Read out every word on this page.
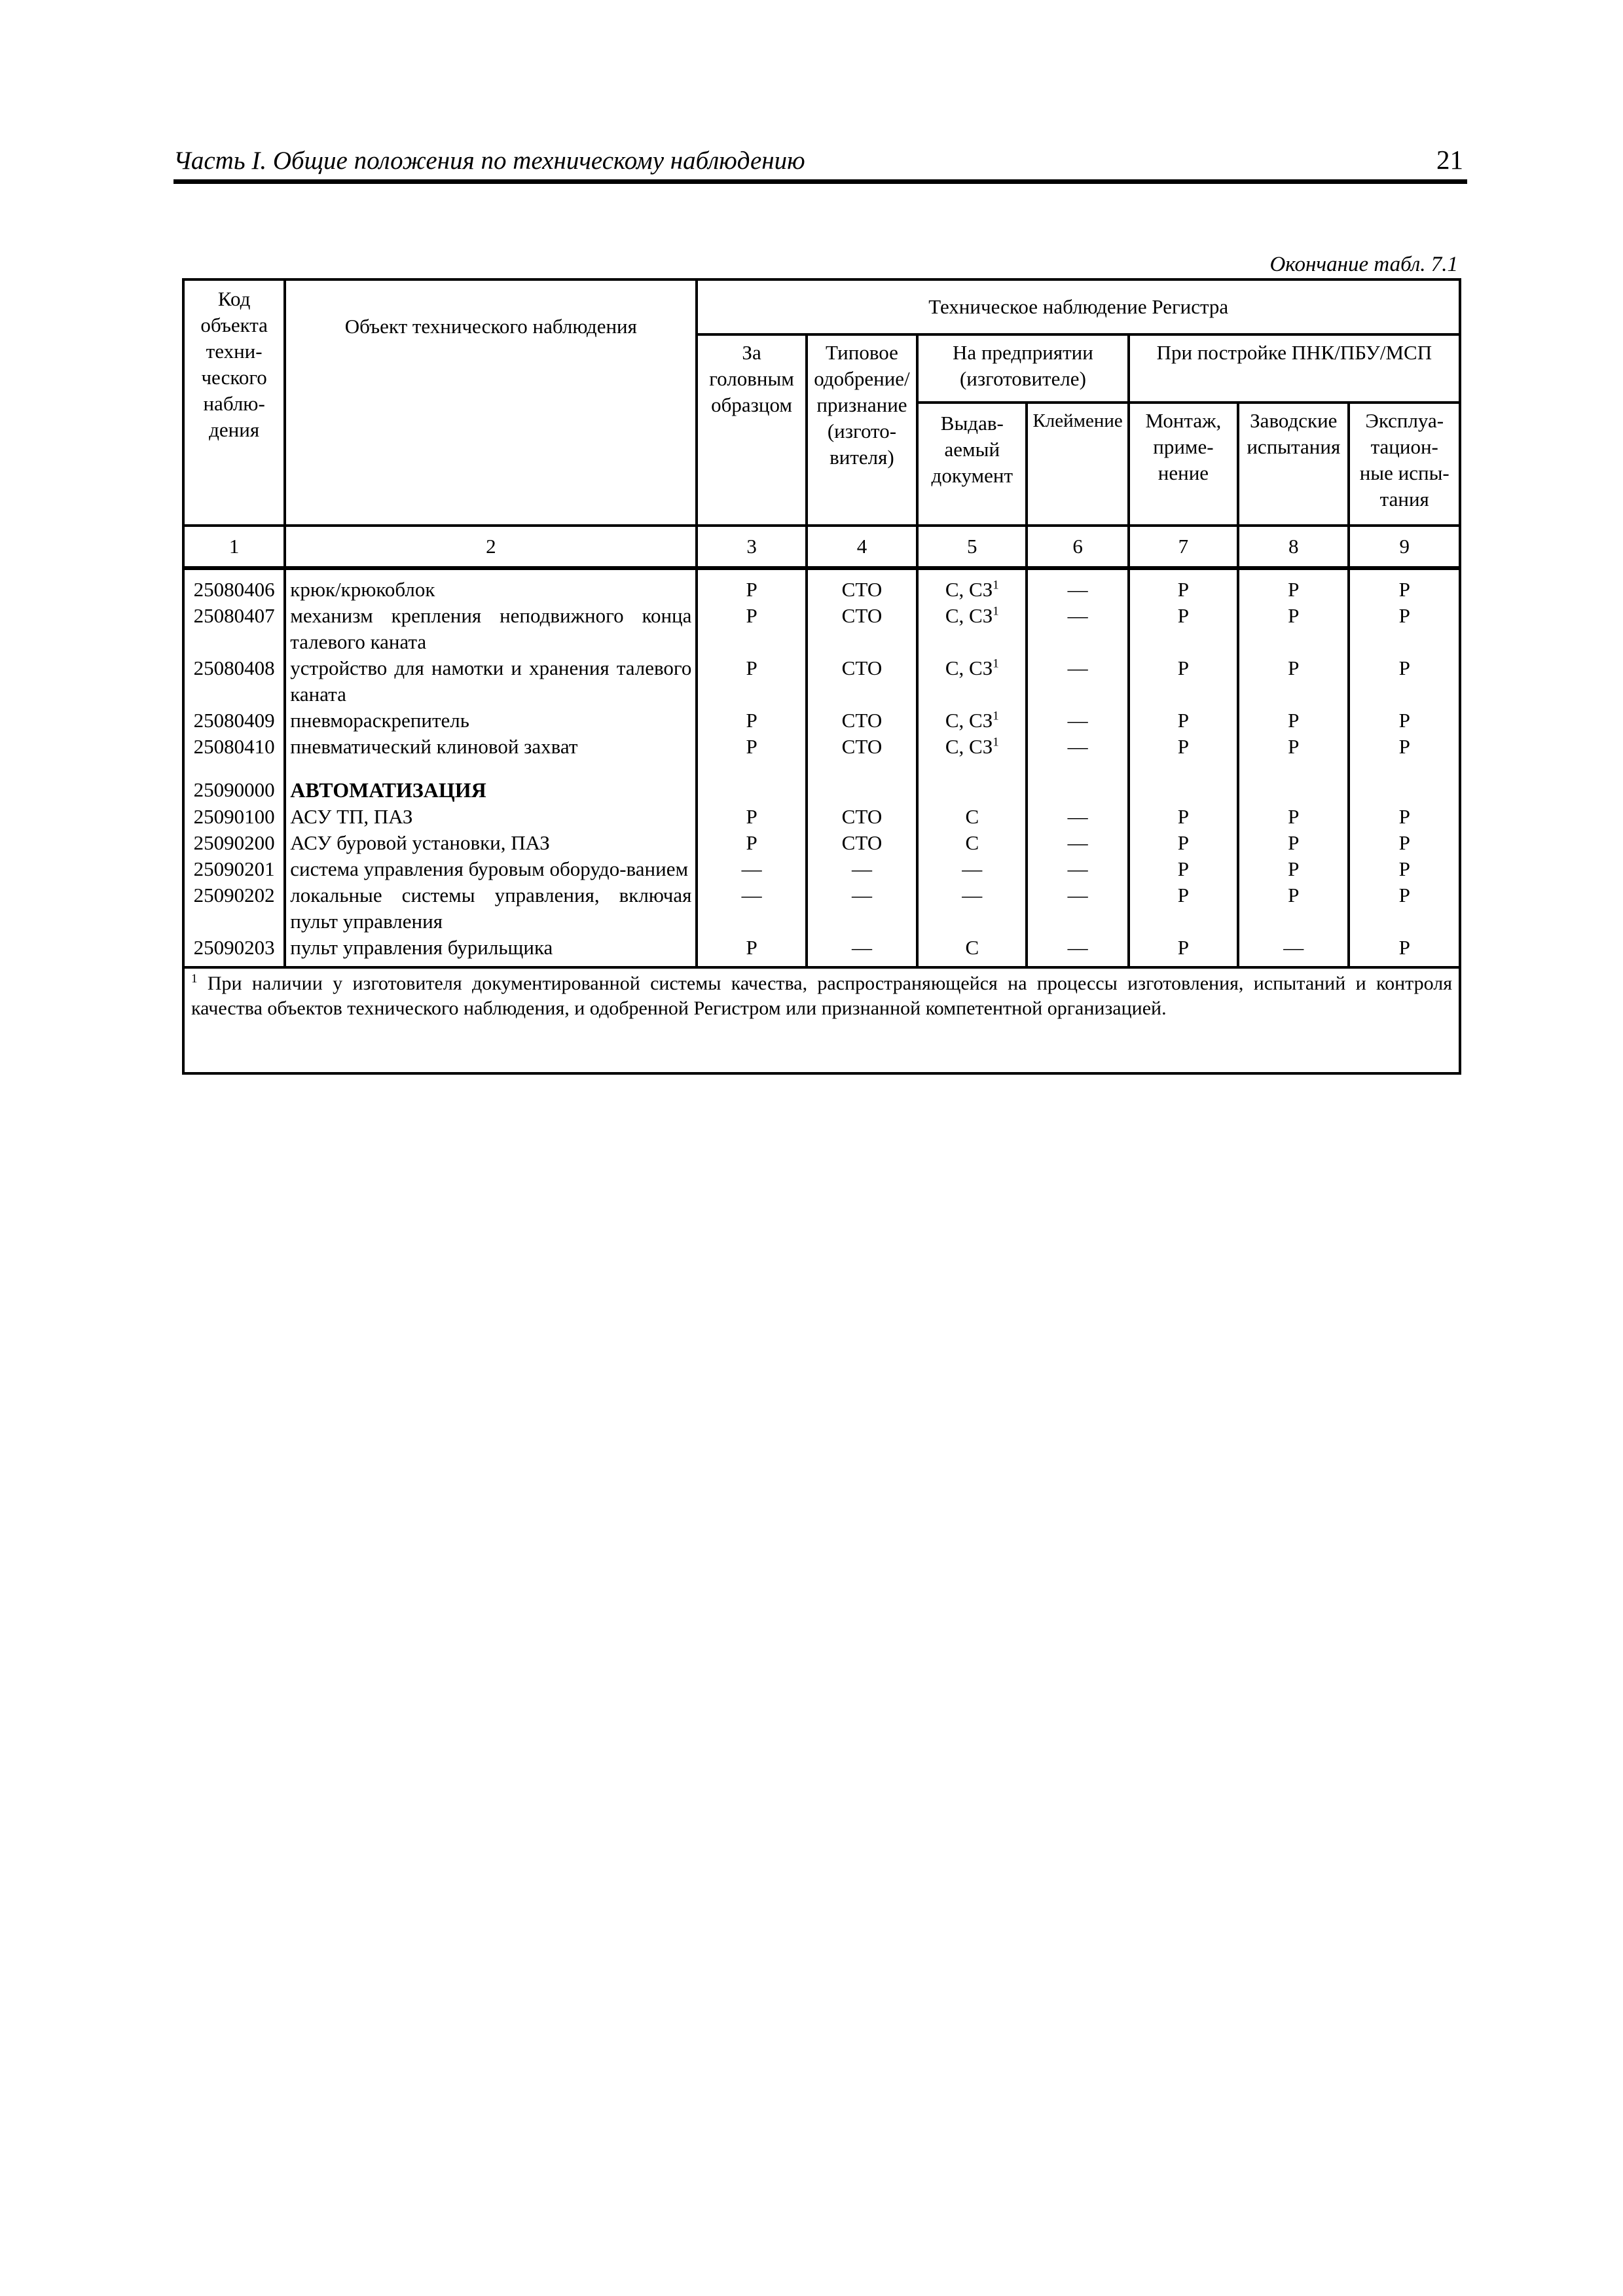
Часть I. Общие положения по техническому наблюдению	21
Окончание табл. 7.1
Код объекта техни-ческого наблю-дения	Объект технического наблюдения	Техническое наблюдение Регистра						
		За головным образцом	Типовое одобрение/ признание (изгото-вителя)	На предприятии (изготовителе)		При постройке ПНК/ПБУ/МСП		
				Выдав-аемый документ	Клеймение	Монтаж, приме-нение	Заводские испытания	Эксплуа-тацион-ные испы-тания
1	2	3	4	5	6	7	8	9
25080406	крюк/крюкоблок	Р	СТО	С, $СЗ^1$	—	Р	Р	Р
25080407	механизм крепления неподвижного конца талевого каната	Р	СТО	С, $СЗ^1$	—	Р	Р	Р
25080408	устройство для намотки и хранения талевого каната	Р	СТО	С, $СЗ^1$	—	Р	Р	Р
25080409	пневмораскрепитель	Р	СТО	С, $СЗ^1$	—	Р	Р	Р
25080410	пневматический клиновой захват	Р	СТО	С, $СЗ^1$	—	Р	Р	Р

25090000	АВТОМАТИЗАЦИЯ							
25090100	АСУ ТП, ПАЗ	Р	СТО	С	—	Р	Р	Р
25090200	АСУ буровой установки, ПАЗ	Р	СТО	С	—	Р	Р	Р
25090201	система управления буровым оборудо-ванием	—	—	—	—	Р	Р	Р
25090202	локальные системы управления, включая пульт управления	—	—	—	—	Р	Р	Р
25090203	пульт управления бурильщика	Р	—	С	—	Р	—	Р
$^1$ При наличии у изготовителя документированной системы качества, распространяющейся на процессы изготовления, испытаний и контроля качества объектов технического наблюдения, и одобренной Регистром или признанной компетентной организацией.								
